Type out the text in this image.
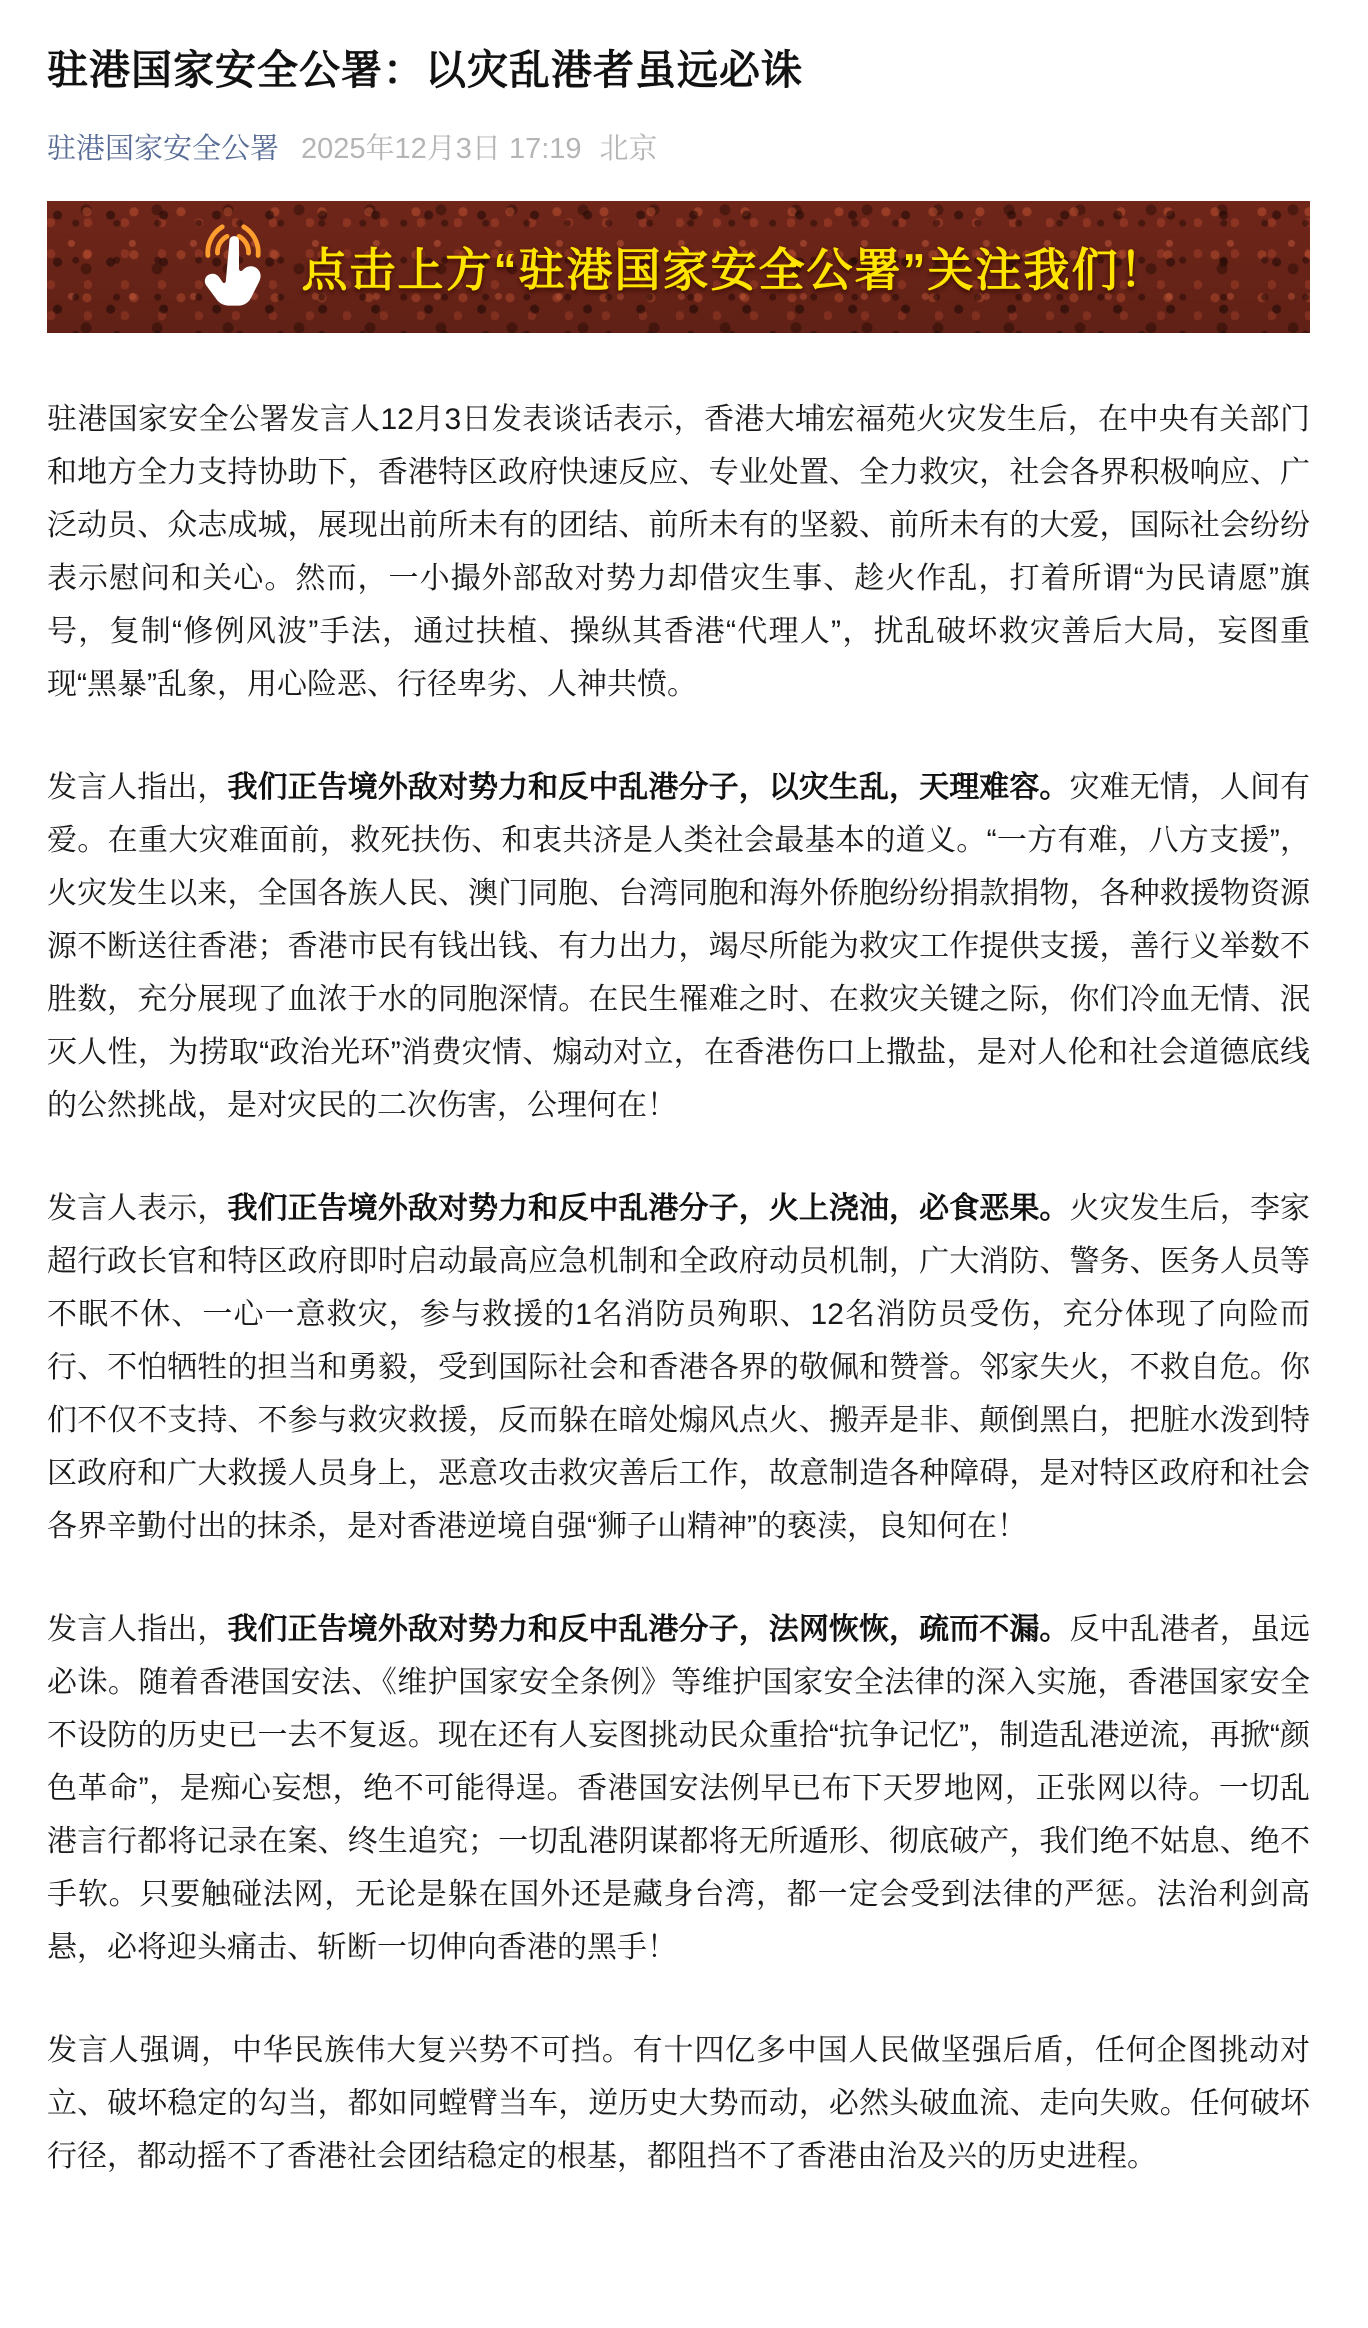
驻港国家安全公署：以灾乱港者虽远必诛
驻港国家安全公署 2025年12月3日 17:19 北京
点击上方“驻港国家安全公署”关注我们！

驻港国家安全公署发言人12月3日发表谈话表示，香港大埔宏福苑火灾发生后，在中央有关部门和地方全力支持协助下，香港特区政府快速反应、专业处置、全力救灾，社会各界积极响应、广泛动员、众志成城，展现出前所未有的团结、前所未有的坚毅、前所未有的大爱，国际社会纷纷表示慰问和关心。然而，一小撮外部敌对势力却借灾生事、趁火作乱，打着所谓“为民请愿”旗号，复制“修例风波”手法，通过扶植、操纵其香港“代理人”，扰乱破坏救灾善后大局，妄图重现“黑暴”乱象，用心险恶、行径卑劣、人神共愤。

发言人指出，我们正告境外敌对势力和反中乱港分子，以灾生乱，天理难容。灾难无情，人间有爱。在重大灾难面前，救死扶伤、和衷共济是人类社会最基本的道义。“一方有难，八方支援”，火灾发生以来，全国各族人民、澳门同胞、台湾同胞和海外侨胞纷纷捐款捐物，各种救援物资源源不断送往香港；香港市民有钱出钱、有力出力，竭尽所能为救灾工作提供支援，善行义举数不胜数，充分展现了血浓于水的同胞深情。在民生罹难之时、在救灾关键之际，你们冷血无情、泯灭人性，为捞取“政治光环”消费灾情、煽动对立，在香港伤口上撒盐，是对人伦和社会道德底线的公然挑战，是对灾民的二次伤害，公理何在！

发言人表示，我们正告境外敌对势力和反中乱港分子，火上浇油，必食恶果。火灾发生后，李家超行政长官和特区政府即时启动最高应急机制和全政府动员机制，广大消防、警务、医务人员等不眠不休、一心一意救灾，参与救援的1名消防员殉职、12名消防员受伤，充分体现了向险而行、不怕牺牲的担当和勇毅，受到国际社会和香港各界的敬佩和赞誉。邻家失火，不救自危。你们不仅不支持、不参与救灾救援，反而躲在暗处煽风点火、搬弄是非、颠倒黑白，把脏水泼到特区政府和广大救援人员身上，恶意攻击救灾善后工作，故意制造各种障碍，是对特区政府和社会各界辛勤付出的抹杀，是对香港逆境自强“狮子山精神”的亵渎，良知何在！

发言人指出，我们正告境外敌对势力和反中乱港分子，法网恢恢，疏而不漏。反中乱港者，虽远必诛。随着香港国安法、《维护国家安全条例》等维护国家安全法律的深入实施，香港国家安全不设防的历史已一去不复返。现在还有人妄图挑动民众重拾“抗争记忆”，制造乱港逆流，再掀“颜色革命”，是痴心妄想，绝不可能得逞。香港国安法例早已布下天罗地网，正张网以待。一切乱港言行都将记录在案、终生追究；一切乱港阴谋都将无所遁形、彻底破产，我们绝不姑息、绝不手软。只要触碰法网，无论是躲在国外还是藏身台湾，都一定会受到法律的严惩。法治利剑高悬，必将迎头痛击、斩断一切伸向香港的黑手！

发言人强调，中华民族伟大复兴势不可挡。有十四亿多中国人民做坚强后盾，任何企图挑动对立、破坏稳定的勾当，都如同螳臂当车，逆历史大势而动，必然头破血流、走向失败。任何破坏行径，都动摇不了香港社会团结稳定的根基，都阻挡不了香港由治及兴的历史进程。
